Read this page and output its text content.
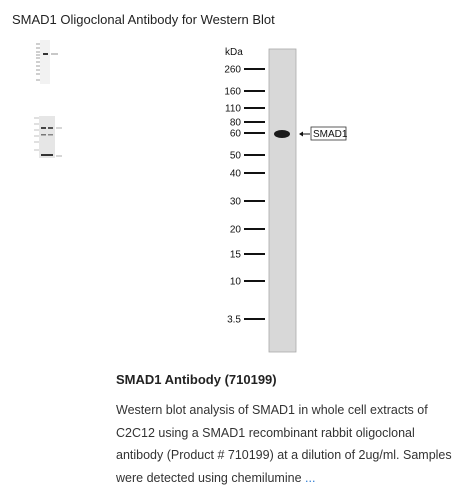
SMAD1 Oligoclonal Antibody for Western Blot
kDa
260
160
110
80
60
50
40
30
20
15
10
3.5
SMAD1
SMAD1 Antibody (710199)
Western blot analysis of SMAD1 in whole cell extracts of C2C12 using a SMAD1 recombinant rabbit oligoclonal antibody (Product # 710199) at a dilution of 2ug/ml. Samples were detected using chemilumine ...
